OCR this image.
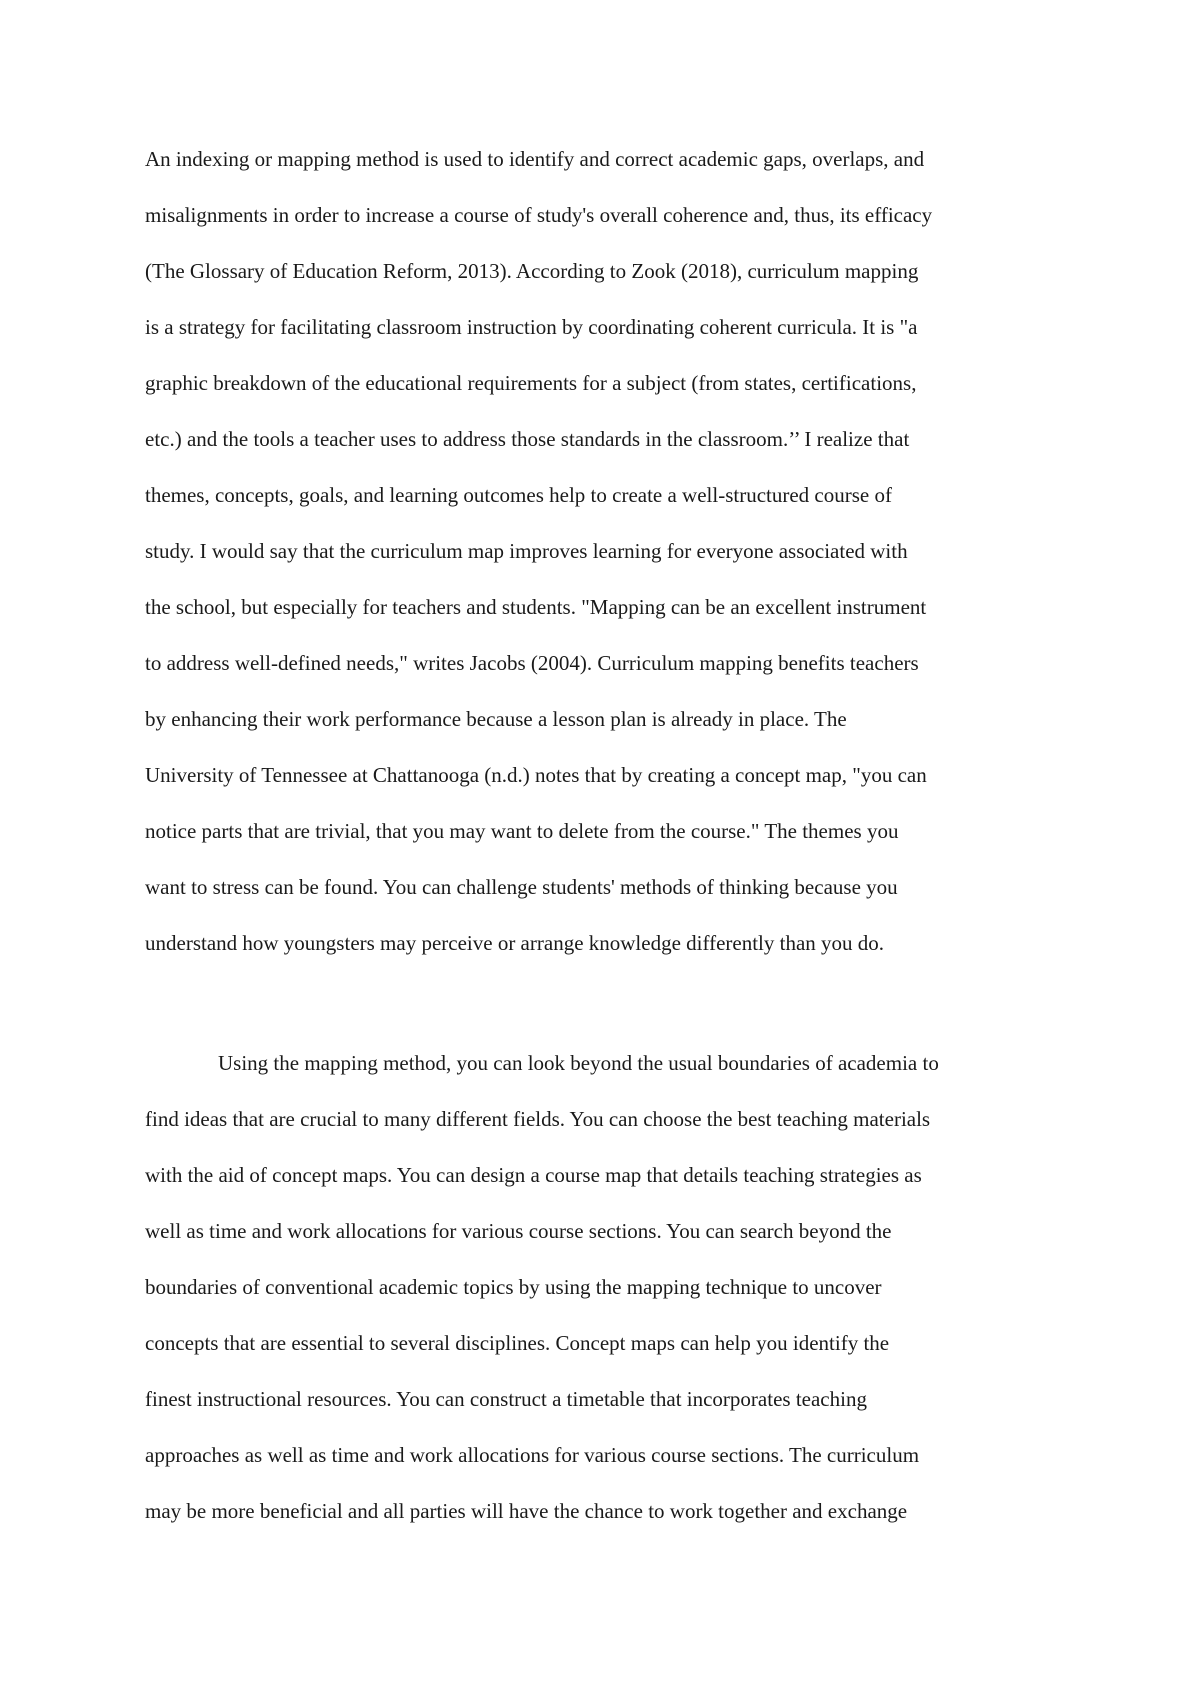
An indexing or mapping method is used to identify and correct academic gaps, overlaps, and
misalignments in order to increase a course of study's overall coherence and, thus, its efficacy
(The Glossary of Education Reform, 2013). According to Zook (2018), curriculum mapping
is a strategy for facilitating classroom instruction by coordinating coherent curricula. It is "a
graphic breakdown of the educational requirements for a subject (from states, certifications,
etc.) and the tools a teacher uses to address those standards in the classroom.’’ I realize that
themes, concepts, goals, and learning outcomes help to create a well-structured course of
study. I would say that the curriculum map improves learning for everyone associated with
the school, but especially for teachers and students. "Mapping can be an excellent instrument
to address well-defined needs," writes Jacobs (2004). Curriculum mapping benefits teachers
by enhancing their work performance because a lesson plan is already in place. The
University of Tennessee at Chattanooga (n.d.) notes that by creating a concept map, "you can
notice parts that are trivial, that you may want to delete from the course." The themes you
want to stress can be found. You can challenge students' methods of thinking because you
understand how youngsters may perceive or arrange knowledge differently than you do.
Using the mapping method, you can look beyond the usual boundaries of academia to
find ideas that are crucial to many different fields. You can choose the best teaching materials
with the aid of concept maps. You can design a course map that details teaching strategies as
well as time and work allocations for various course sections. You can search beyond the
boundaries of conventional academic topics by using the mapping technique to uncover
concepts that are essential to several disciplines. Concept maps can help you identify the
finest instructional resources. You can construct a timetable that incorporates teaching
approaches as well as time and work allocations for various course sections. The curriculum
may be more beneficial and all parties will have the chance to work together and exchange
